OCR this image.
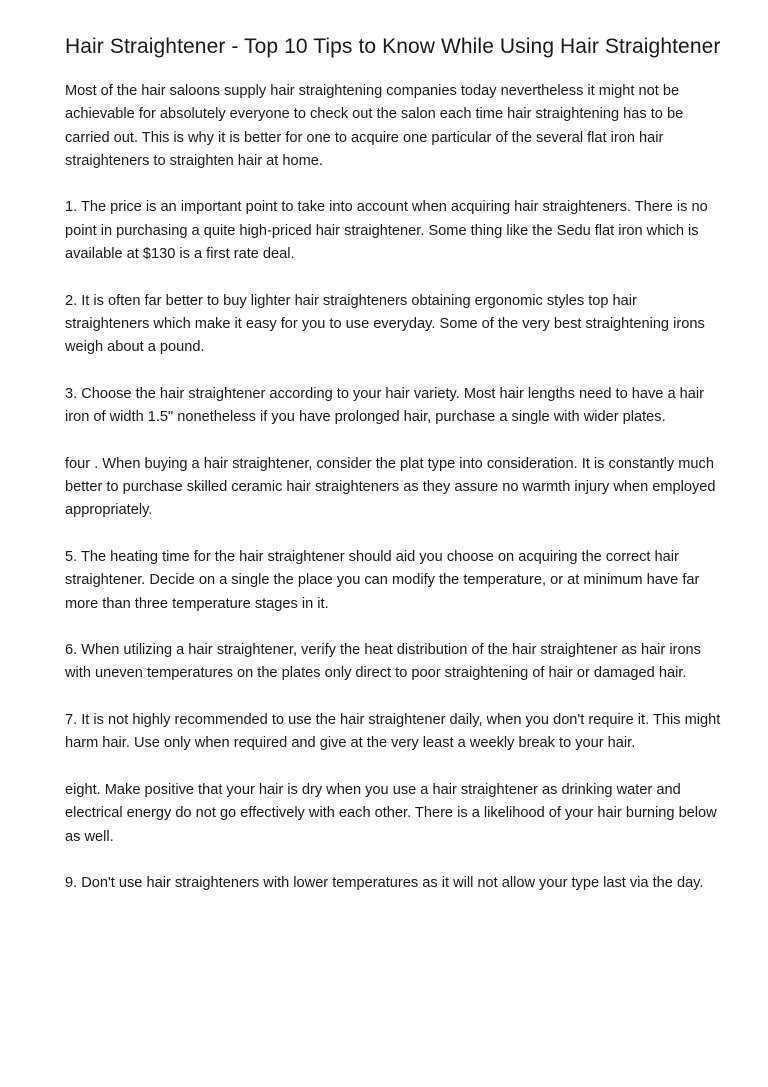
Hair Straightener - Top 10 Tips to Know While Using Hair Straightener

Most of the hair saloons supply hair straightening companies today nevertheless it might not be achievable for absolutely everyone to check out the salon each time hair straightening has to be carried out. This is why it is better for one to acquire one particular of the several flat iron hair straighteners to straighten hair at home.

1. The price is an important point to take into account when acquiring hair straighteners. There is no point in purchasing a quite high-priced hair straightener. Some thing like the Sedu flat iron which is available at $130 is a first rate deal.

2. It is often far better to buy lighter hair straighteners obtaining ergonomic styles top hair straighteners which make it easy for you to use everyday. Some of the very best straightening irons weigh about a pound.

3. Choose the hair straightener according to your hair variety. Most hair lengths need to have a hair iron of width 1.5" nonetheless if you have prolonged hair, purchase a single with wider plates.

four . When buying a hair straightener, consider the plat type into consideration. It is constantly much better to purchase skilled ceramic hair straighteners as they assure no warmth injury when employed appropriately.

5. The heating time for the hair straightener should aid you choose on acquiring the correct hair straightener. Decide on a single the place you can modify the temperature, or at minimum have far more than three temperature stages in it.

6. When utilizing a hair straightener, verify the heat distribution of the hair straightener as hair irons with uneven temperatures on the plates only direct to poor straightening of hair or damaged hair.

7. It is not highly recommended to use the hair straightener daily, when you don't require it. This might harm hair. Use only when required and give at the very least a weekly break to your hair.

eight. Make positive that your hair is dry when you use a hair straightener as drinking water and electrical energy do not go effectively with each other. There is a likelihood of your hair burning below as well.

9. Don't use hair straighteners with lower temperatures as it will not allow your type last via the day.
